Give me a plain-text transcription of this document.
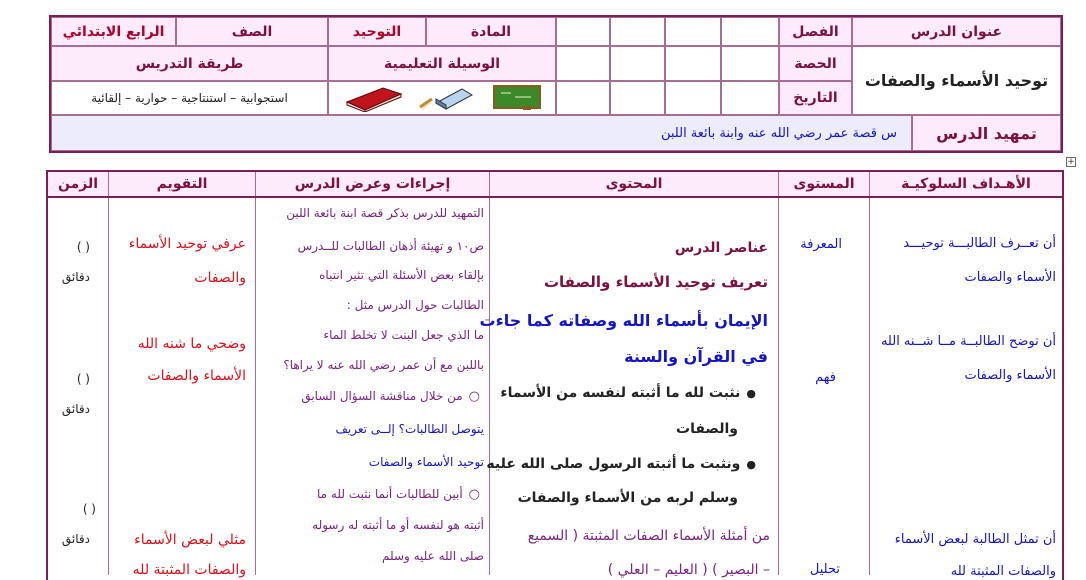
عنوان الدرس
توحيد الأسماء والصفات
الفصل
الحصة
التاريخ
المادة
التوحيد
الصف
الرابع الابتدائي
الوسيلة التعليمية
طريقة التدريس
استجوابية – استنتاجية – حوارية – إلقائية
تمهيد الدرس
س قصة عمر رضي الله عنه وابنة بائعة اللبن
+
الأهـداف السلوكيـة
المستوى
المحتوى
إجراءات وعرض الدرس
التقويم
الزمن
أن تعــرف الطالبـــة توحيـــد
الأسماء والصفات
أن توضح الطالبــة مــا شــنه الله
الأسماء والصفات
أن تمثل الطالبة لبعض الأسماء
والصفات المثبتة لله
المعرفة
فهم
تحليل
عناصر الدرس
تعريف توحيد الأسماء والصفات
الإيمان بأسماء الله وصفاته كما جاءت
في القرآن والسنة
● نثبت لله ما أثبته لنفسه من الأسماء
والصفات
● ونثبت ما أثبته الرسول صلى الله عليه
وسلم لربه من الأسماء والصفات
من أمثلة الأسماء الصفات المثبتة ( السميع
– البصير ) ( العليم – العلي )
التمهيد للدرس بذكر قصة ابنة بائعة اللبن
ص١٠ و تهيئة أذهان الطالبات للــدرس
بإلقاء بعض الأسئلة التي تثير انتباه
الطالبات حول الدرس مثل :
ما الذي جعل البنت لا تخلط الماء
باللبن مع أن عمر رضي الله عنه لا يراها؟
○ من خلال مناقشة السؤال السابق
يتوصل الطالبات؟ إلــى تعريف
توحيد الأسماء والصفات
○ أبين للطالبات أنما نثبت لله ما
أثبته هو لنفسه أو ما أثبته له رسوله
صلى الله عليه وسلم
عرفي توحيد الأسماء
والصفات
وضحي ما شنه الله
الأسماء والصفات
مثلي لبعض الأسماء
والصفات المثبتة لله
( )
دقائق
( )
دقائق
( )
دقائق
